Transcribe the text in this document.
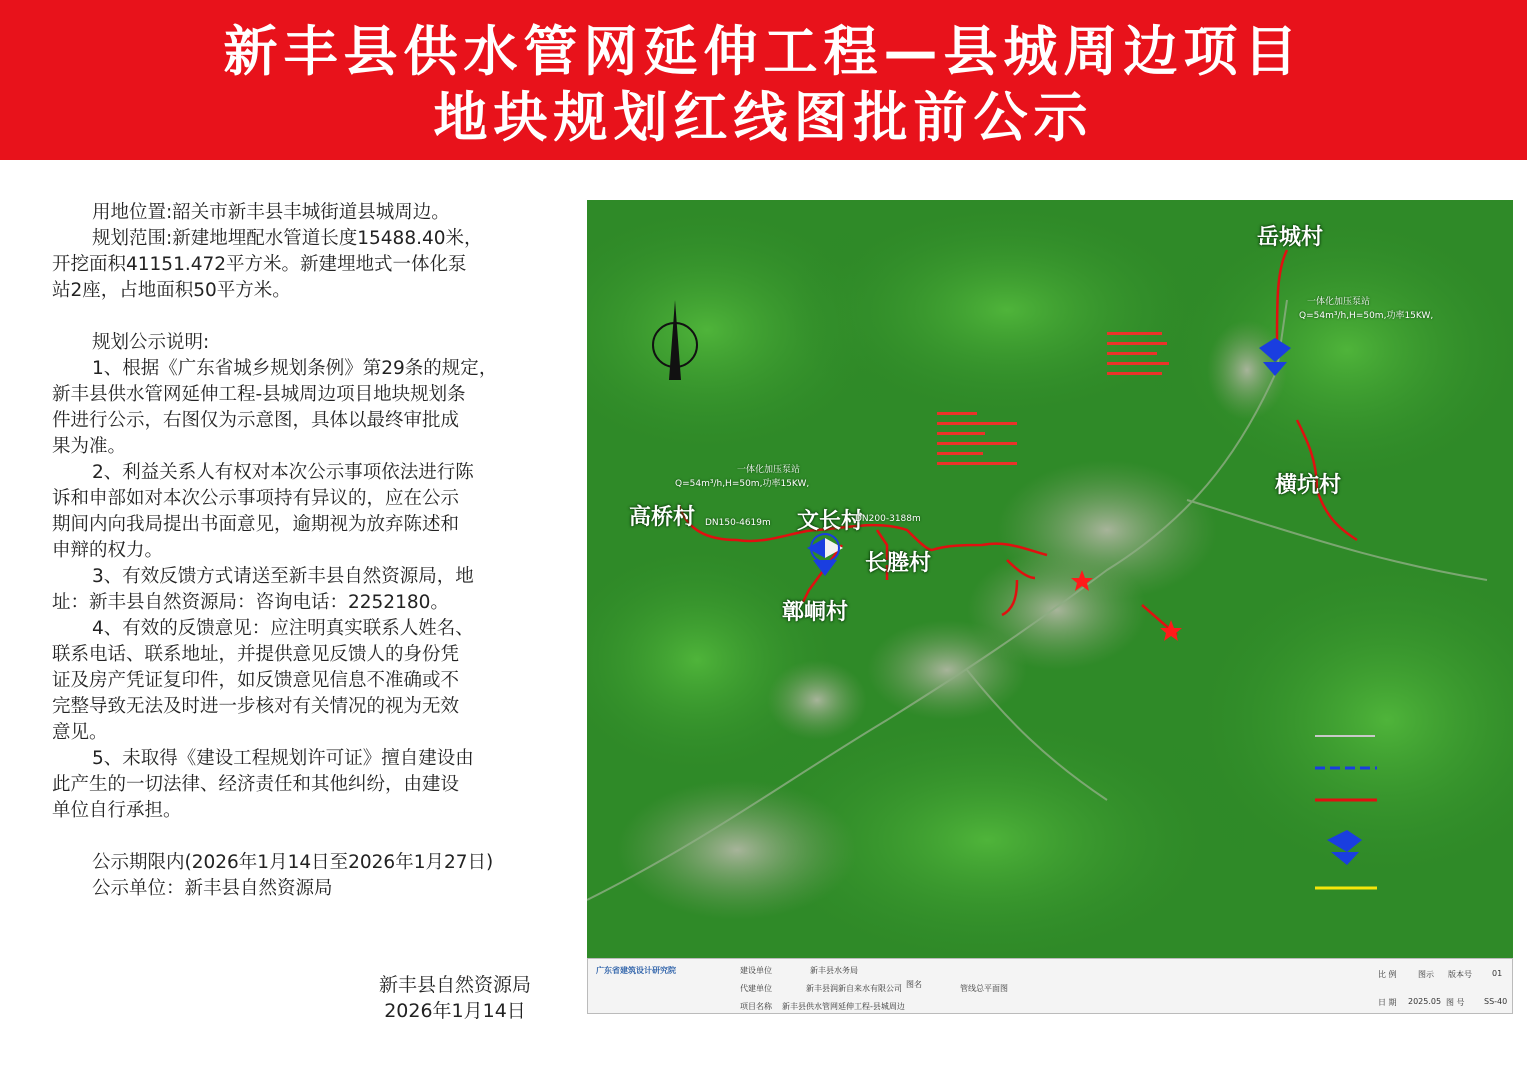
新丰县供水管网延伸工程—县城周边项目
地块规划红线图批前公示

用地位置:韶关市新丰县丰城街道县城周边。

规划范围:新建地埋配水管道长度15488.40米，

开挖面积41151.472平方米。新建埋地式一体化泵

站2座，占地面积50平方米。

规划公示说明:

1、根据《广东省城乡规划条例》第29条的规定，

新丰县供水管网延伸工程-县城周边项目地块规划条

件进行公示，右图仅为示意图，具体以最终审批成

果为准。

2、利益关系人有权对本次公示事项依法进行陈

诉和申部如对本次公示事项持有异议的，应在公示

期间内向我局提出书面意见，逾期视为放弃陈述和

申辩的权力。

3、有效反馈方式请送至新丰县自然资源局，地

址：新丰县自然资源局：咨询电话：2252180。

4、有效的反馈意见：应注明真实联系人姓名、

联系电话、联系地址，并提供意见反馈人的身份凭

证及房产凭证复印件，如反馈意见信息不准确或不

完整导致无法及时进一步核对有关情况的视为无效

意见。

5、未取得《建设工程规划许可证》擅自建设由

此产生的一切法律、经济责任和其他纠纷，由建设

单位自行承担。

公示期限内(2026年1月14日至2026年1月27日)

公示单位：新丰县自然资源局

新丰县自然资源局
2026年1月14日
岳城村
横坑村
高桥村	文长村
长塍村
鄣峒村
DN150-4619m	DN200-3188m
一体化加压泵站
Q=54m³/h,H=50m,功率15KW,
一体化加压泵站
Q=54m³/h,H=50m,功率15KW,
广东省建筑设计研究院	建设单位	新丰县水务局
代建单位	新丰县润新自来水有限公司
项目名称 新丰县供水管网延伸工程-县城周边
图名	管线总平面图
比 例	图示 版本号	01
日 期 2025.05 图 号 SS-40
